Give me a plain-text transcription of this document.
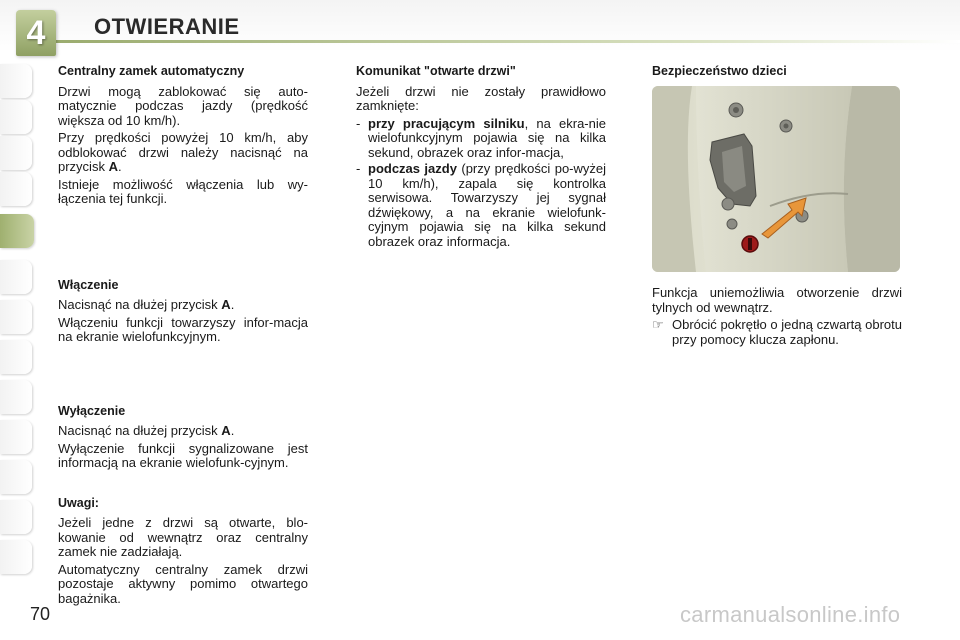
4 OTWIERANIE

Centralny zamek automatyczny

Drzwi mogą zablokować się auto-matycznie podczas jazdy (prędkość większa od 10 km/h).

Przy prędkości powyżej 10 km/h, aby odblokować drzwi należy nacisnąć na przycisk A.

Istnieje możliwość włączenia lub wy-łączenia tej funkcji.

Włączenie

Nacisnąć na dłużej przycisk A.

Włączeniu funkcji towarzyszy infor-macja na ekranie wielofunkcyjnym.

Wyłączenie

Nacisnąć na dłużej przycisk A.

Wyłączenie funkcji sygnalizowane jest informacją na ekranie wielofunk-cyjnym.

Uwagi:

Jeżeli jedne z drzwi są otwarte, blo-kowanie od wewnątrz oraz centralny zamek nie zadziałają.

Automatyczny centralny zamek drzwi pozostaje aktywny pomimo otwartego bagażnika.

Komunikat "otwarte drzwi"

Jeżeli drzwi nie zostały prawidłowo zamknięte:

- przy pracującym silniku, na ekra-nie wielofunkcyjnym pojawia się na kilka sekund, obrazek oraz infor-macja,
- podczas jazdy (przy prędkości po-wyżej 10 km/h), zapala się kontrolka serwisowa. Towarzyszy jej sygnał dźwiękowy, a na ekranie wielofunk-cyjnym pojawia się na kilka sekund obrazek oraz informacja.

Bezpieczeństwo dzieci

Funkcja uniemożliwia otworzenie drzwi tylnych od wewnątrz.

☞ Obrócić pokrętło o jedną czwartą obrotu przy pomocy klucza zapłonu.
70	carmanualsonline.info
